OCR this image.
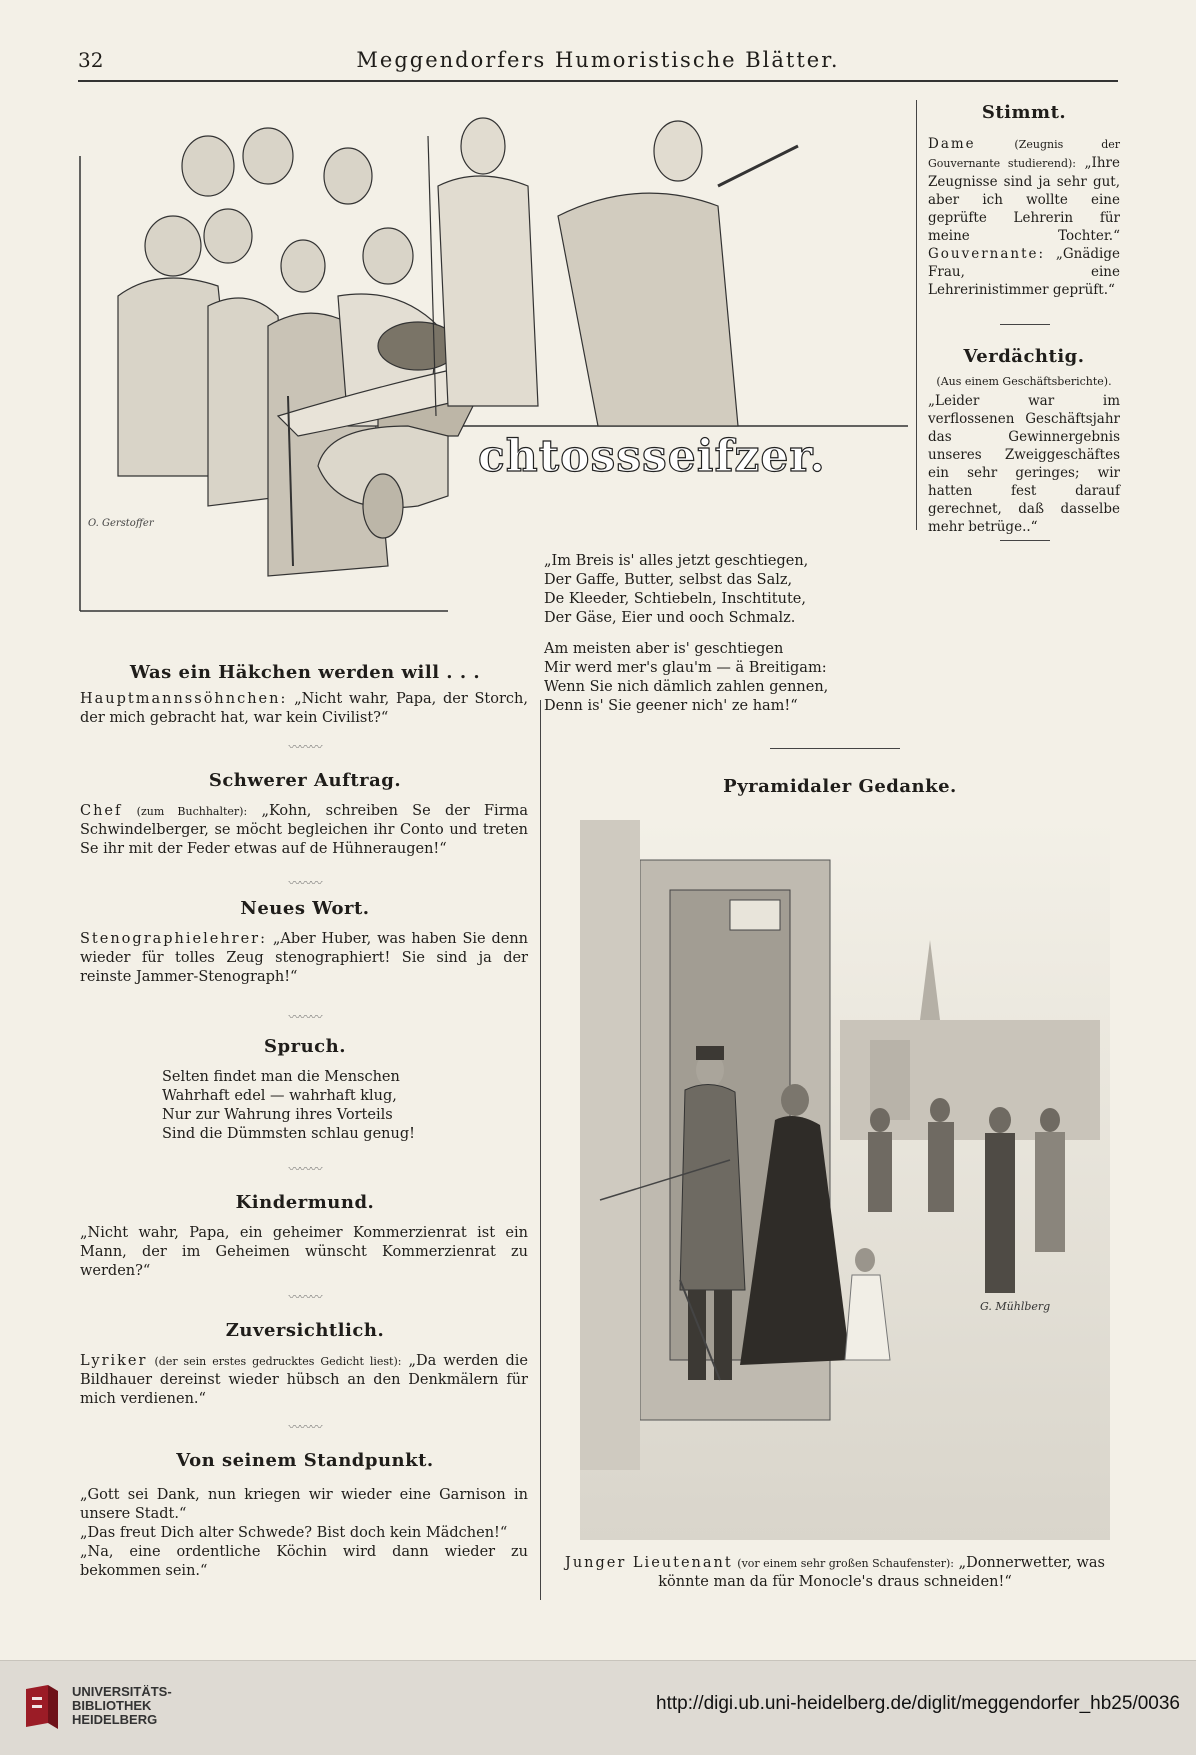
32	Meggendorfers Humoristische Blätter.
chtossseifzer.
O. Gerstoffer
Stimmt.
Dame	(Zeugnis der Gouvernante studierend): „Ihre Zeugnisse sind ja sehr gut, aber ich wollte eine geprüfte Lehrerin für meine Tochter.“ Gouvernante: „Gnädige Frau, eine Lehrerinistimmer geprüft.“
Verdächtig.
(Aus einem Geschäftsberichte).
„Leider war im verflossenen Geschäftsjahr das Gewinnergebnis unseres Zweiggeschäftes ein sehr geringes; wir hatten fest darauf gerechnet, daß dasselbe mehr betrüge..“
„Im Breis is' alles jetzt geschtiegen,
Der Gaffe, Butter, selbst das Salz,
De Kleeder, Schtiebeln, Inschtitute,
Der Gäse, Eier und ooch Schmalz.
Am meisten aber is' geschtiegen
Mir werd mer's glau'm — ä Breitigam:
Wenn Sie nich dämlich zahlen gennen,
Denn is' Sie geener nich' ze ham!“
Was ein Häkchen werden will . . .
Hauptmannssöhnchen: „Nicht wahr, Papa, der Storch, der mich gebracht hat, war kein Civilist?“
〰〰〰
Schwerer Auftrag.
Chef (zum Buchhalter): „Kohn, schreiben Se der Firma Schwindelberger, se möcht begleichen ihr Conto und treten Se ihr mit der Feder etwas auf de Hühneraugen!“
〰〰〰
Neues Wort.
Stenographielehrer: „Aber Huber, was haben Sie denn wieder für tolles Zeug stenographiert! Sie sind ja der reinste Jammer-Stenograph!“
〰〰〰
Spruch.
Selten findet man die Menschen
Wahrhaft edel — wahrhaft klug,
Nur zur Wahrung ihres Vorteils
Sind die Dümmsten schlau genug!
〰〰〰
Kindermund.
„Nicht wahr, Papa, ein geheimer Kommerzienrat ist ein Mann, der im Geheimen wünscht Kommerzienrat zu werden?“
〰〰〰
Zuversichtlich.
Lyriker (der sein erstes gedrucktes Gedicht liest): „Da werden die Bildhauer dereinst wieder hübsch an den Denkmälern für mich verdienen.“
〰〰〰
Von seinem Standpunkt.
„Gott sei Dank, nun kriegen wir wieder eine Garnison in unsere Stadt.“
„Das freut Dich alter Schwede? Bist doch kein Mädchen!“
„Na, eine ordentliche Köchin wird dann wieder zu bekommen sein.“
Pyramidaler Gedanke.
G. Mühlberg
Junger Lieutenant (vor einem sehr großen Schaufenster): „Donnerwetter, was könnte man da für Monocle's draus schneiden!“
UNIVERSITÄTS-
BIBLIOTHEK
HEIDELBERG
http://digi.ub.uni-heidelberg.de/diglit/meggendorfer_hb25/0036
